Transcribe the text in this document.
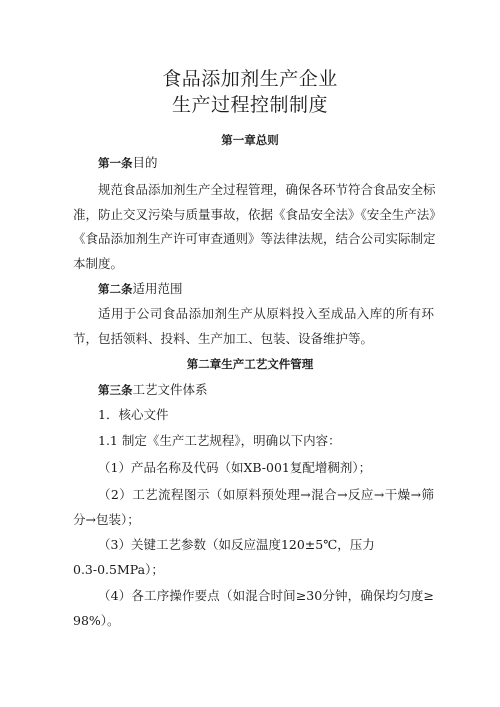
食品添加剂生产企业
生产过程控制制度
第一章总则
第一条目的
规范食品添加剂生产全过程管理，确保各环节符合食品安全标
准，防止交叉污染与质量事故，依据《食品安全法》《安全生产法》
《食品添加剂生产许可审查通则》等法律法规，结合公司实际制定
本制度。
第二条适用范围
适用于公司食品添加剂生产从原料投入至成品入库的所有环
节，包括领料、投料、生产加工、包装、设备维护等。
第二章生产工艺文件管理
第三条工艺文件体系
1．核心文件
1.1 制定《生产工艺规程》，明确以下内容：
（1）产品名称及代码（如XB-001复配增稠剂）；
（2）工艺流程图示（如原料预处理→混合→反应→干燥→筛
分→包装）；
（3）关键工艺参数（如反应温度120±5℃，压力
0.3-0.5MPa）；
（4）各工序操作要点（如混合时间≥30分钟，确保均匀度≥
98%）。
